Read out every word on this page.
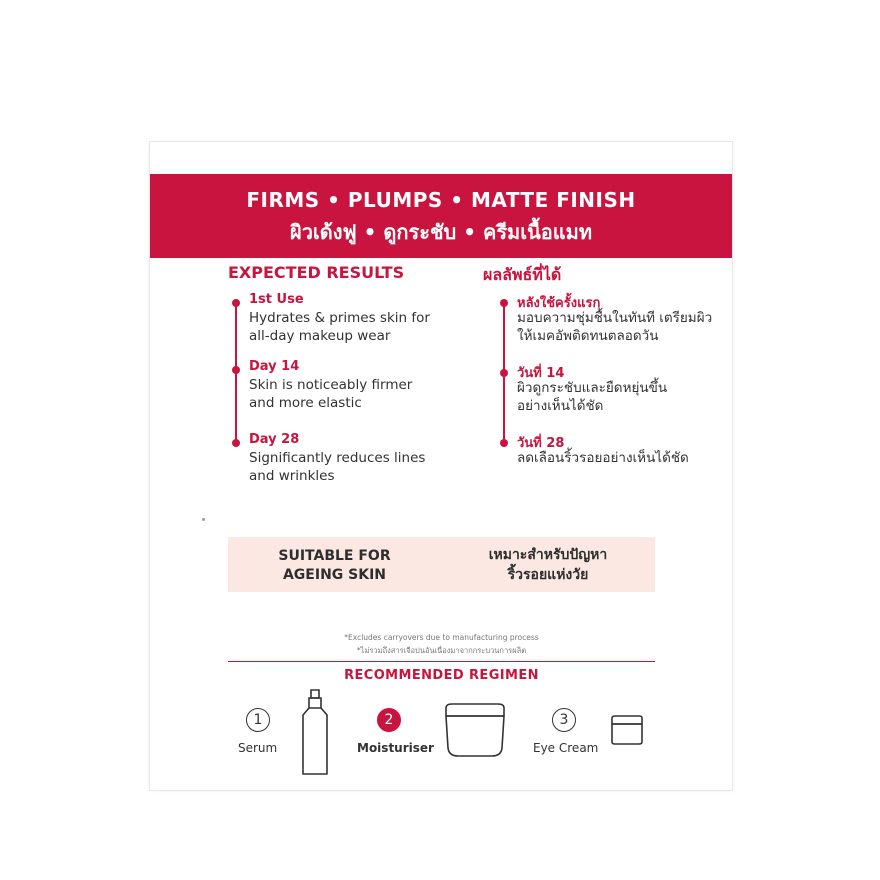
FIRMS • PLUMPS • MATTE FINISH
ผิวเด้งฟู • ดูกระชับ • ครีมเนื้อแมท
EXPECTED RESULTS
1st Use
Hydrates & primes skin for
all-day makeup wear
Day 14
Skin is noticeably firmer
and more elastic
Day 28
Significantly reduces lines
and wrinkles
ผลลัพธ์ที่ได้
หลังใช้ครั้งแรก
มอบความชุ่มชื้นในทันที เตรียมผิว
ให้เมคอัพติดทนตลอดวัน
วันที่ 14
ผิวดูกระชับและยืดหยุ่นขึ้น
อย่างเห็นได้ชัด
วันที่ 28
ลดเลือนริ้วรอยอย่างเห็นได้ชัด
SUITABLE FOR
AGEING SKIN
เหมาะสำหรับปัญหา
ริ้วรอยแห่งวัย
*Excludes carryovers due to manufacturing process
*ไม่รวมถึงสารเจือปนอันเนื่องมาจากกระบวนการผลิต
RECOMMENDED REGIMEN
1
Serum
2
Moisturiser
3
Eye Cream
